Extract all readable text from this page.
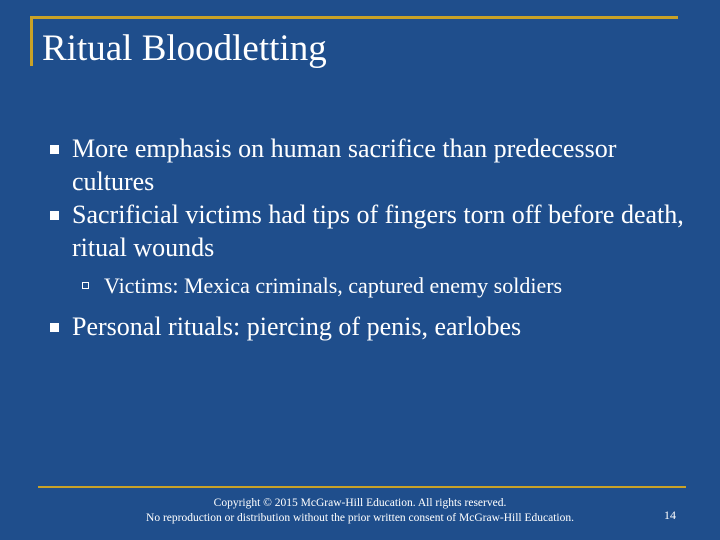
Ritual Bloodletting
More emphasis on human sacrifice than predecessor cultures
Sacrificial victims had tips of fingers torn off before death, ritual wounds
Victims: Mexica criminals, captured enemy soldiers
Personal rituals: piercing of penis, earlobes
Copyright © 2015 McGraw-Hill Education. All rights reserved.
No reproduction or distribution without the prior written consent of McGraw-Hill Education.	14
